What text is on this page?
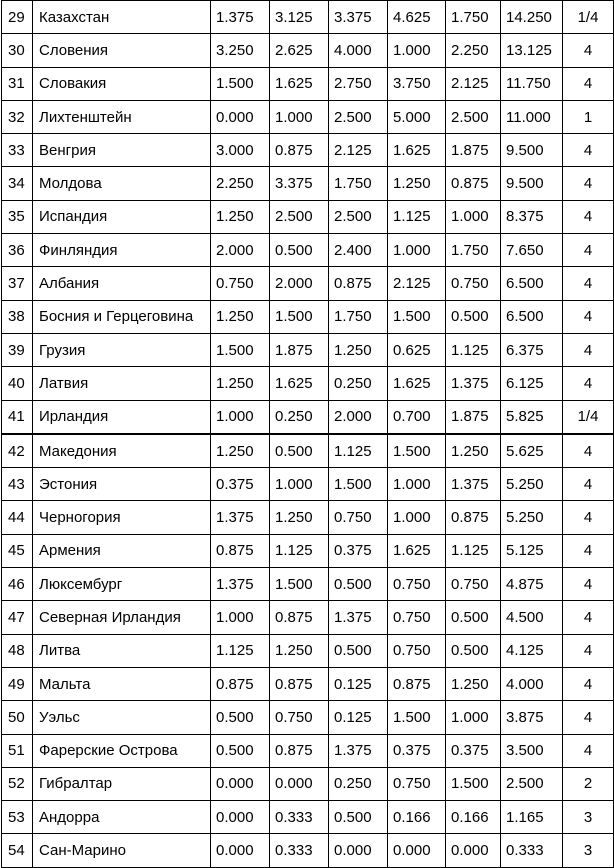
29	Казахстан	1.375	3.125	3.375	4.625	1.750	14.250	1/4
30	Словения	3.250	2.625	4.000	1.000	2.250	13.125	4
31	Словакия	1.500	1.625	2.750	3.750	2.125	11.750	4
32	Лихтенштейн	0.000	1.000	2.500	5.000	2.500	11.000	1
33	Венгрия	3.000	0.875	2.125	1.625	1.875	9.500	4
34	Молдова	2.250	3.375	1.750	1.250	0.875	9.500	4
35	Испандия	1.250	2.500	2.500	1.125	1.000	8.375	4
36	Финляндия	2.000	0.500	2.400	1.000	1.750	7.650	4
37	Албания	0.750	2.000	0.875	2.125	0.750	6.500	4
38	Босния и Герцеговина	1.250	1.500	1.750	1.500	0.500	6.500	4
39	Грузия	1.500	1.875	1.250	0.625	1.125	6.375	4
40	Латвия	1.250	1.625	0.250	1.625	1.375	6.125	4
41	Ирландия	1.000	0.250	2.000	0.700	1.875	5.825	1/4
42	Македония	1.250	0.500	1.125	1.500	1.250	5.625	4
43	Эстония	0.375	1.000	1.500	1.000	1.375	5.250	4
44	Черногория	1.375	1.250	0.750	1.000	0.875	5.250	4
45	Армения	0.875	1.125	0.375	1.625	1.125	5.125	4
46	Люксембург	1.375	1.500	0.500	0.750	0.750	4.875	4
47	Северная Ирландия	1.000	0.875	1.375	0.750	0.500	4.500	4
48	Литва	1.125	1.250	0.500	0.750	0.500	4.125	4
49	Мальта	0.875	0.875	0.125	0.875	1.250	4.000	4
50	Уэльс	0.500	0.750	0.125	1.500	1.000	3.875	4
51	Фарерские Острова	0.500	0.875	1.375	0.375	0.375	3.500	4
52	Гибралтар	0.000	0.000	0.250	0.750	1.500	2.500	2
53	Андорра	0.000	0.333	0.500	0.166	0.166	1.165	3
54	Сан-Марино	0.000	0.333	0.000	0.000	0.000	0.333	3
